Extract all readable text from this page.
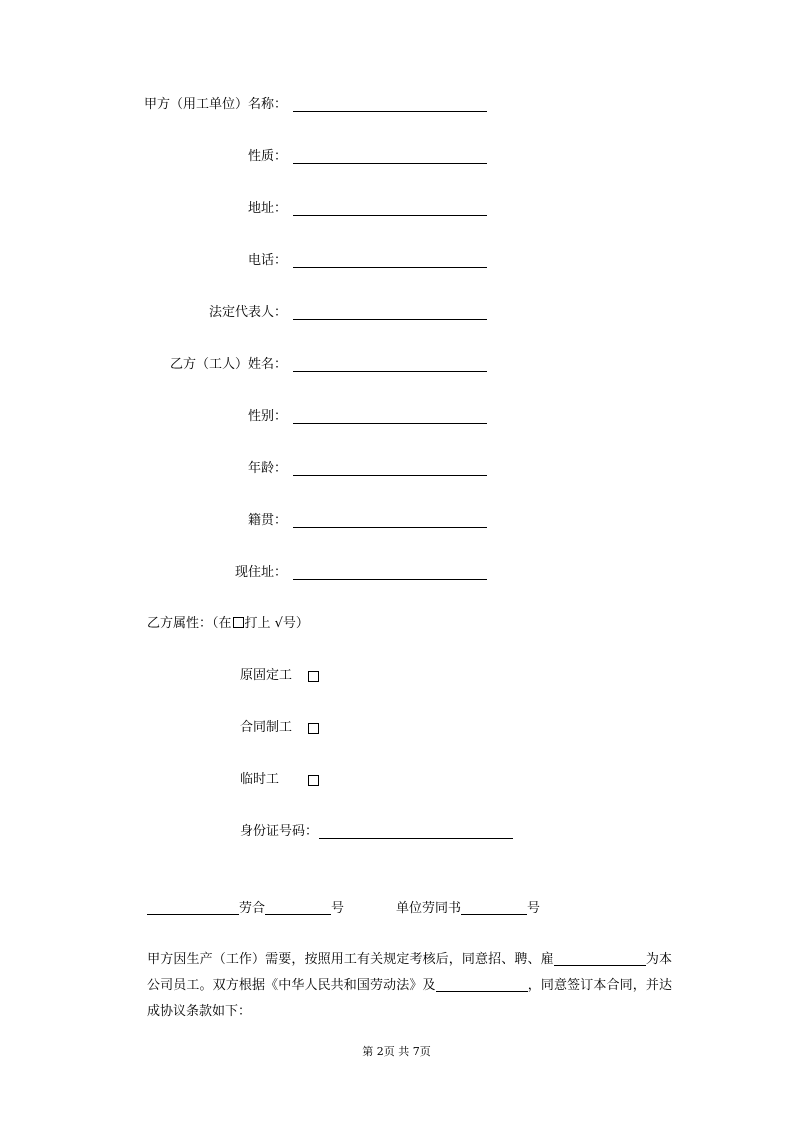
甲方（用工单位）名称：
性质：
地址：
电话：
法定代表人：
乙方（工人）姓名：
性别：
年龄：
籍贯：
现住址：
乙方属性：（在 打上 √号）
原固定工
合同制工
临时工
身份证号码：
劳合	号	单位劳同书	号
甲方因生产（工作）需要，按照用工有关规定考核后，同意招、聘、雇	为本公司员工。双方根据《中华人民共和国劳动法》及	，同意签订本合同，并达成协议条款如下：
第 2页 共 7页
